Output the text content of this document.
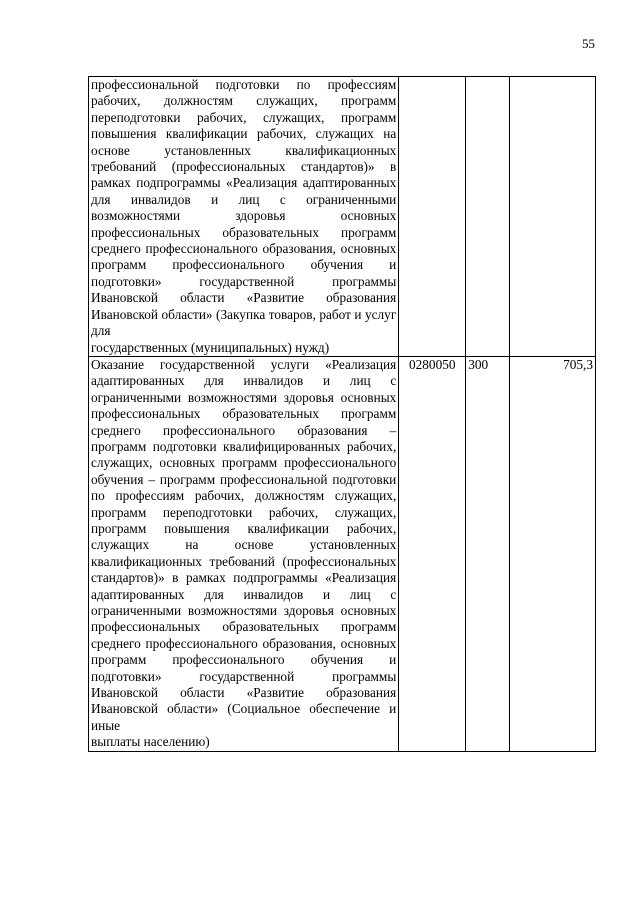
55
профессиональной подготовки по профессиям рабочих, должностям служащих, программ переподготовки рабочих, служащих, программ повышения квалификации рабочих, служащих на основе установленных квалификационных требований (профессиональных стандартов)» в рамках подпрограммы «Реализация адаптированных для инвалидов и лиц с ограниченными возможностями здоровья основных профессиональных образовательных программ среднего профессионального образования, основных программ профессионального обучения и подготовки» государственной программы Ивановской области «Развитие образования Ивановской области» (Закупка товаров, работ и услуг для
государственных (муниципальных) нужд)			

Оказание государственной услуги «Реализация адаптированных для инвалидов и лиц с ограниченными возможностями здоровья основных профессиональных образовательных программ среднего профессионального образования – программ подготовки квалифицированных рабочих, служащих, основных программ профессионального обучения – программ профессиональной подготовки по профессиям рабочих, должностям служащих, программ переподготовки рабочих, служащих, программ повышения квалификации рабочих, служащих на основе установленных квалификационных требований (профессиональных стандартов)» в рамках подпрограммы «Реализация адаптированных для инвалидов и лиц с ограниченными возможностями здоровья основных профессиональных образовательных программ среднего профессионального образования, основных программ профессионального обучения и подготовки» государственной программы Ивановской области «Развитие образования Ивановской области» (Социальное обеспечение и иные
выплаты населению)	0280050	300	705,3
